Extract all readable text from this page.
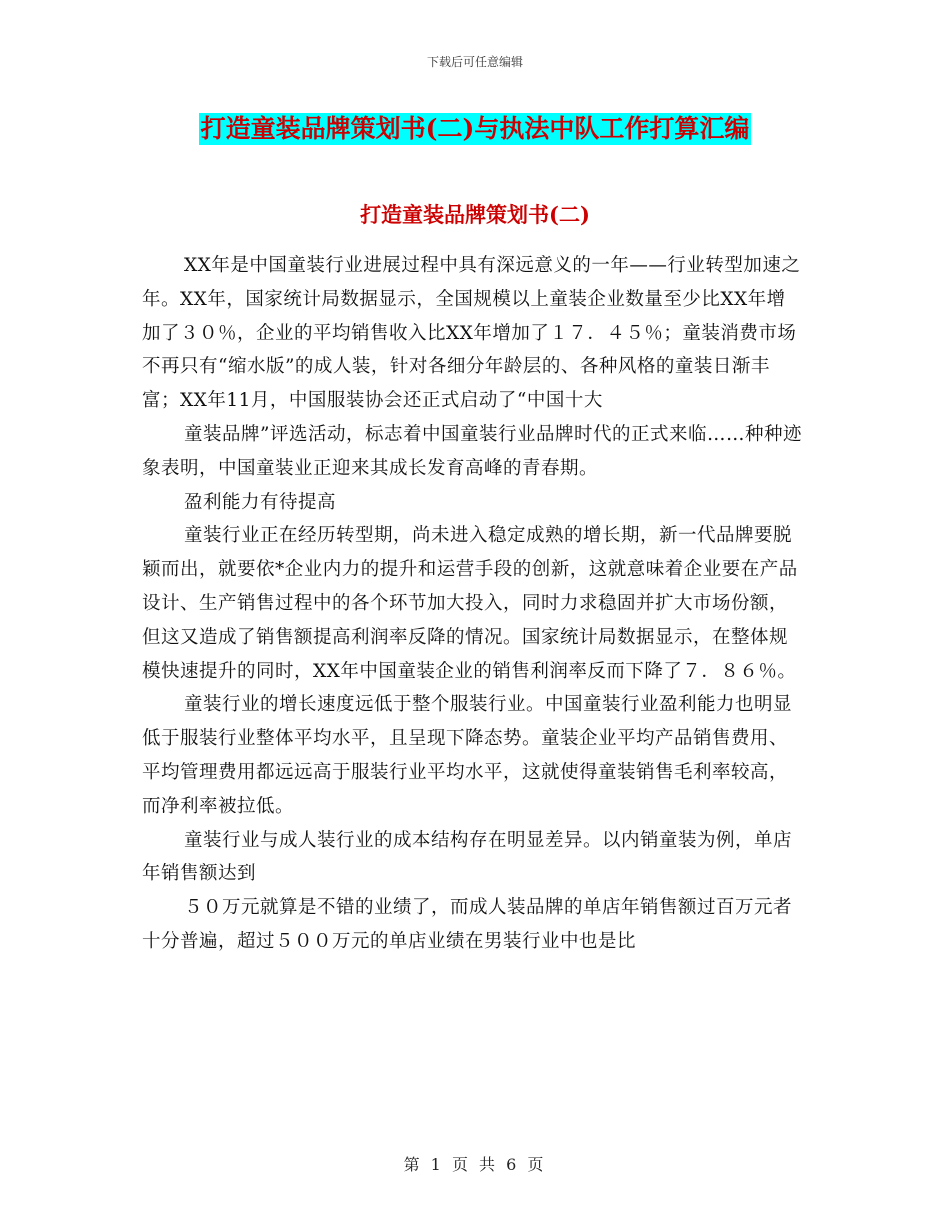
下载后可任意编辑
打造童装品牌策划书(二)与执法中队工作打算汇编
打造童装品牌策划书(二)

XX年是中国童装行业进展过程中具有深远意义的一年——行业转型加速之年。XX年，国家统计局数据显示，全国规模以上童装企业数量至少比XX年增加了３０％，企业的平均销售收入比XX年增加了１７．４５％；童装消费市场不再只有“缩水版”的成人装，针对各细分年龄层的、各种风格的童装日渐丰富；XX年11月，中国服装协会还正式启动了“中国十大

童装品牌”评选活动，标志着中国童装行业品牌时代的正式来临……种种迹象表明，中国童装业正迎来其成长发育高峰的青春期。

盈利能力有待提高

童装行业正在经历转型期，尚未进入稳定成熟的增长期，新一代品牌要脱颖而出，就要依*企业内力的提升和运营手段的创新，这就意味着企业要在产品设计、生产销售过程中的各个环节加大投入，同时力求稳固并扩大市场份额，但这又造成了销售额提高利润率反降的情况。国家统计局数据显示，在整体规模快速提升的同时，XX年中国童装企业的销售利润率反而下降了７．８６％。

童装行业的增长速度远低于整个服装行业。中国童装行业盈利能力也明显低于服装行业整体平均水平，且呈现下降态势。童装企业平均产品销售费用、平均管理费用都远远高于服装行业平均水平，这就使得童装销售毛利率较高，而净利率被拉低。

童装行业与成人装行业的成本结构存在明显差异。以内销童装为例，单店年销售额达到

５０万元就算是不错的业绩了，而成人装品牌的单店年销售额过百万元者十分普遍，超过５００万元的单店业绩在男装行业中也是比

第 1 页 共 6 页
